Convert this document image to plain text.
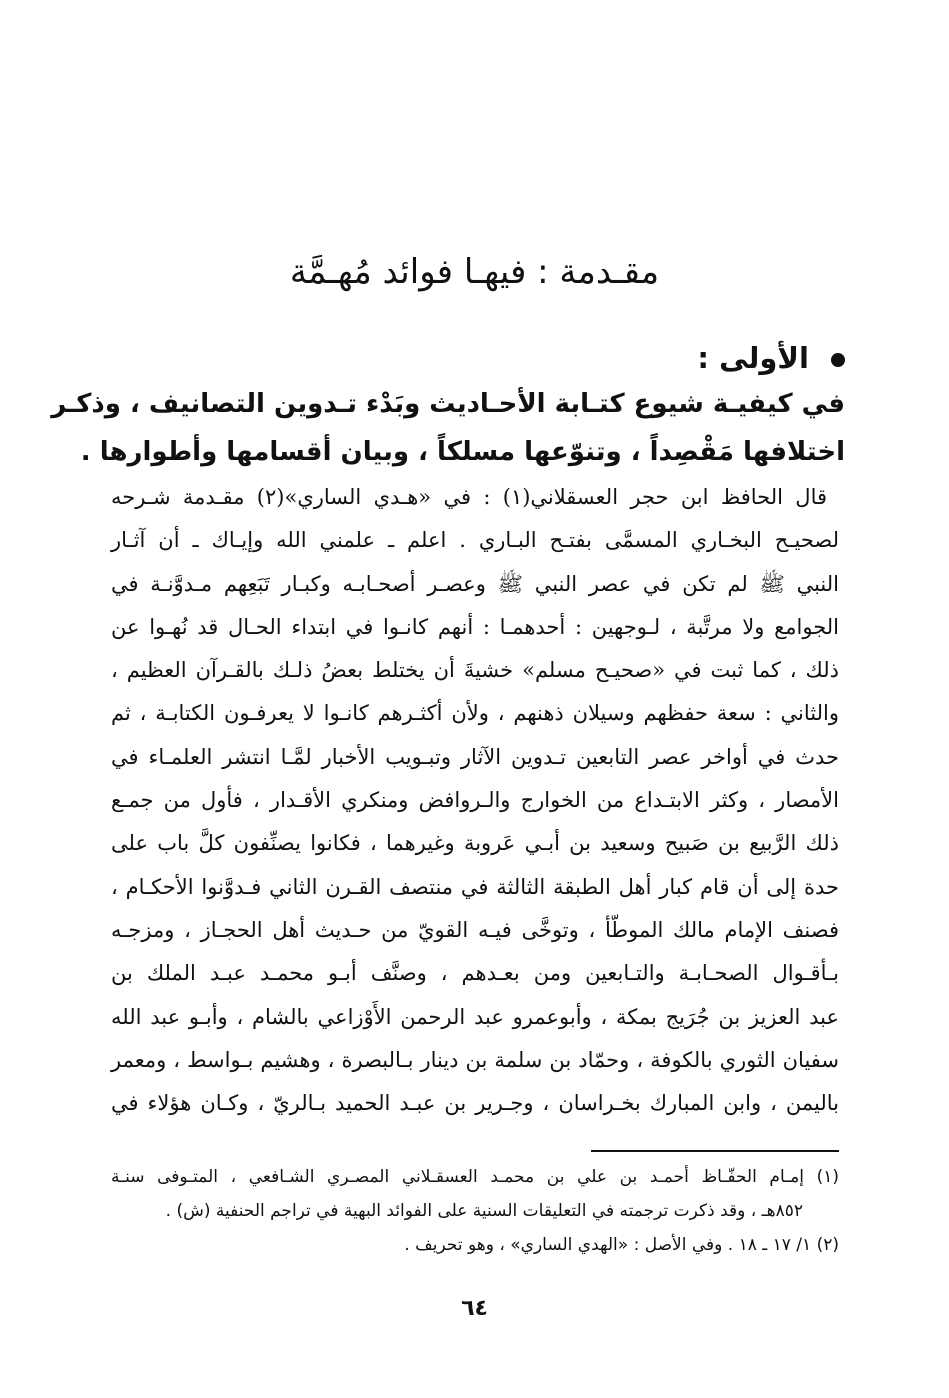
مقـدمة : فيهـا فوائد مُهـمَّة
الأولى :
في كيفيـة شيوع كتـابة الأحـاديث وبَدْء تـدوين التصانيف ، وذكـر
اختلافها مَقْصِداً ، وتنوّعها مسلكاً ، وبيان أقسامها وأطوارها .
قال الحافظ ابن حجر العسقلاني(١) : في «هـدي الساري»(٢) مقـدمة شـرحه
لصحيـح البخـاري المسمَّى بفتـح البـاري . اعلم ـ علمني الله وإيـاك ـ أن آثـار
النبي ﷺ لم تكن في عصر النبي ﷺ وعصـر أصحـابـه وكبـار تَبَعِهم مـدوَّنـة في
الجوامع ولا مرتَّبة ، لـوجهين : أحدهمـا : أنهم كانـوا في ابتداء الحـال قد نُهـوا عن
ذلك ، كما ثبت في «صحيـح مسلم» خشيةَ أن يختلط بعضُ ذلـك بالقـرآن العظيم ،
والثاني : سعة حفظهم وسيلان ذهنهم ، ولأن أكثـرهم كانـوا لا يعرفـون الكتابـة ، ثم
حدث في أواخر عصر التابعين تـدوين الآثار وتبـويب الأخبار لمَّـا انتشر العلمـاء في
الأمصار ، وكثر الابتـداع من الخوارج والـروافض ومنكري الأقـدار ، فأول من جمـع
ذلك الرَّبيع بن صَبيح وسعيد بن أبـي عَروبة وغيرهما ، فكانوا يصنِّفون كلَّ باب على
حدة إلى أن قام كبار أهل الطبقة الثالثة في منتصف القـرن الثاني فـدوَّنوا الأحكـام ،
فصنف الإمام مالك الموطّأ ، وتوخَّى فيـه القويّ من حـديث أهل الحجـاز ، ومزجـه
بـأقـوال الصحـابـة والتـابعين ومن بعـدهم ، وصنَّف أبـو محمـد عبـد الملك بن
عبد العزيز بن جُرَيج بمكة ، وأبوعمرو عبد الرحمن الأَوْزاعي بالشام ، وأبـو عبد الله
سفيان الثوري بالكوفة ، وحمّاد بن سلمة بن دينار بـالبصرة ، وهشيم بـواسط ، ومعمر
باليمن ، وابن المبارك بخـراسان ، وجـرير بن عبـد الحميد بـالريّ ، وكـان هؤلاء في
(١) إمـام الحفّـاظ أحمـد بن علي بن محمـد العسقـلاني المصـري الشـافعي ، المتـوفى سنـة
٨٥٢هـ ، وقد ذكرت ترجمته في التعليقات السنية على الفوائد البهية في تراجم الحنفية (ش) .
(٢) ١/ ١٧ ـ ١٨ . وفي الأصل : «الهدي الساري» ، وهو تحريف .
٦٤
